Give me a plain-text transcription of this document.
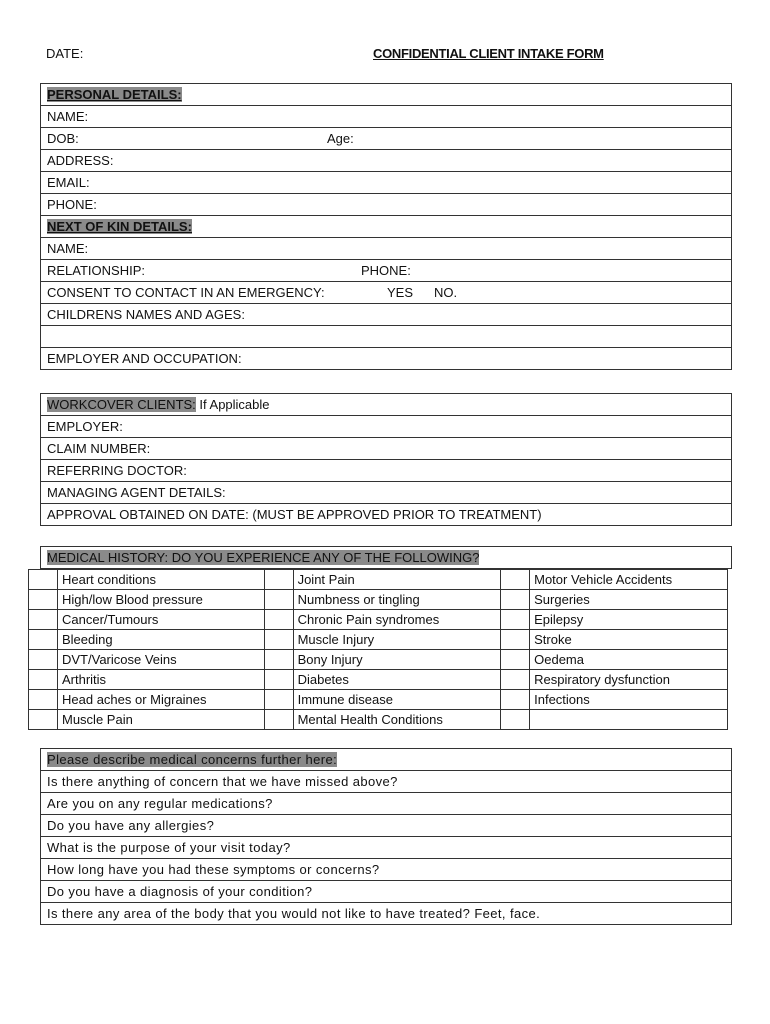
DATE:	CONFIDENTIAL CLIENT INTAKE FORM
PERSONAL DETAILS:
NAME:
DOB:	Age:

ADDRESS:
EMAIL:
PHONE:
NEXT OF KIN DETAILS:
NAME:
RELATIONSHIP:	PHONE:

CONSENT TO CONTACT IN AN EMERGENCY:	YES NO.

CHILDRENS NAMES AND AGES:

EMPLOYER AND OCCUPATION:
WORKCOVER CLIENTS: If Applicable
EMPLOYER:
CLAIM NUMBER:
REFERRING DOCTOR:
MANAGING AGENT DETAILS:
APPROVAL OBTAINED ON DATE: (MUST BE APPROVED PRIOR TO TREATMENT)
MEDICAL HISTORY: DO YOU EXPERIENCE ANY OF THE FOLLOWING?
	Heart conditions		Joint Pain		Motor Vehicle Accidents
	High/low Blood pressure		Numbness or tingling		Surgeries
	Cancer/Tumours		Chronic Pain syndromes		Epilepsy
	Bleeding		Muscle Injury		Stroke
	DVT/Varicose Veins		Bony Injury		Oedema
	Arthritis		Diabetes		Respiratory dysfunction
	Head aches or Migraines		Immune disease		Infections
	Muscle Pain		Mental Health Conditions		
Please describe medical concerns further here:
Is there anything of concern that we have missed above?
Are you on any regular medications?
Do you have any allergies?
What is the purpose of your visit today?
How long have you had these symptoms or concerns?
Do you have a diagnosis of your condition?
Is there any area of the body that you would not like to have treated? Feet, face.
